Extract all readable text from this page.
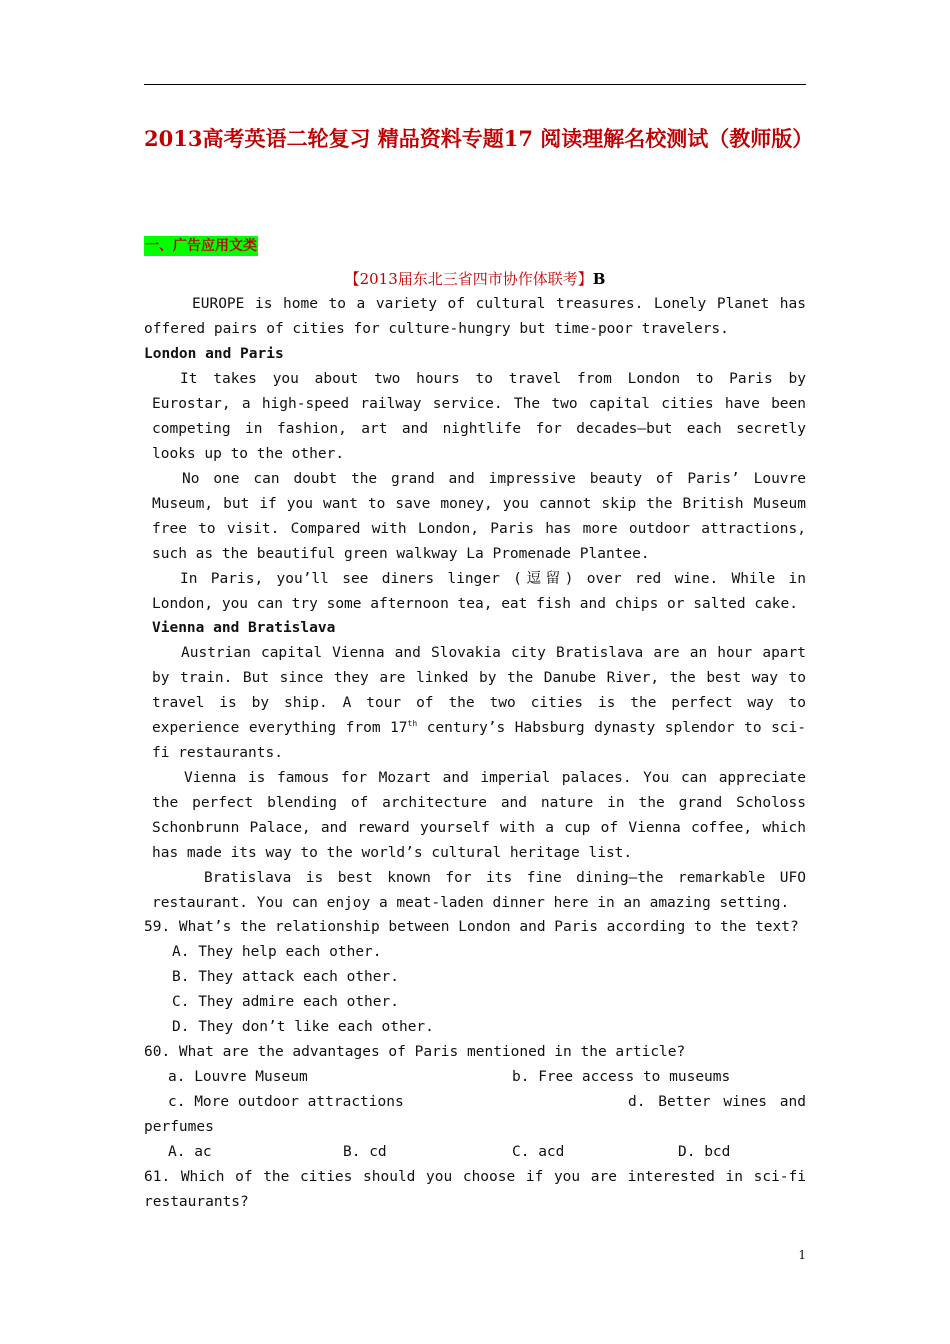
2013高考英语二轮复习 精品资料专题17 阅读理解名校测试（教师版）
一、广告应用文类
【2013届东北三省四市协作体联考】B
EUROPE is home to a variety of cultural treasures. Lonely Planet has offered pairs of cities for culture-hungry but time-poor travelers.
London and Paris
It takes you about two hours to travel from London to Paris by Eurostar, a high-speed railway service. The two capital cities have been competing in fashion, art and nightlife for decades—but each secretly looks up to the other.
No one can doubt the grand and impressive beauty of Paris’ Louvre Museum, but if you want to save money, you cannot skip the British Museum free to visit. Compared with London, Paris has more outdoor attractions, such as the beautiful green walkway La Promenade Plantee.
In Paris, you’ll see diners linger (逗留) over red wine. While in London, you can try some afternoon tea, eat fish and chips or salted cake.
Vienna and Bratislava
Austrian capital Vienna and Slovakia city Bratislava are an hour apart by train. But since they are linked by the Danube River, the best way to travel is by ship. A tour of the two cities is the perfect way to experience everything from 17th century’s Habsburg dynasty splendor to sci-fi restaurants.
Vienna is famous for Mozart and imperial palaces. You can appreciate the perfect blending of architecture and nature in the grand Scholoss Schonbrunn Palace, and reward yourself with a cup of Vienna coffee, which has made its way to the world’s cultural heritage list.
Bratislava is best known for its fine dining—the remarkable UFO restaurant. You can enjoy a meat-laden dinner here in an amazing setting.
59. What’s the relationship between London and Paris according to the text?
A. They help each other.
B. They attack each other.
C. They admire each other.
D. They don’t like each other.
60. What are the advantages of Paris mentioned in the article?
a. Louvre Museum	b. Free access to museums
c. More outdoor attractions	d. Better wines and perfumes
A. ac	B. cd	C. acd	D. bcd
61. Which of the cities should you choose if you are interested in sci-fi restaurants?
1
